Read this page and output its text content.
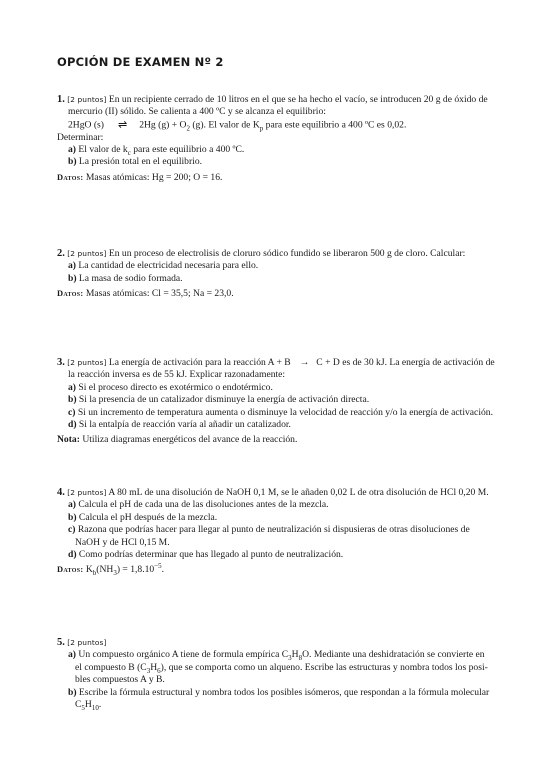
OPCIÓN DE EXAMEN Nº 2

1. [2 puntos] En un recipiente cerrado de 10 litros en el que se ha hecho el vacío, se introducen 20 g de óxido de

mercurio (II) sólido. Se calienta a 400 ºC y se alcanza el equilibrio:

2HgO (s) ⇌ 2Hg $(g) + O_2$ (g). El valor de $K_p$ para este equilibrio a 400 ºC es 0,02.

Determinar:

a) El valor de $k_c$ para este equilibrio a 400 ºC.

b) La presión total en el equilibrio.

Datos: Masas atómicas: Hg = 200; O = 16.

2. [2 puntos] En un proceso de electrolisis de cloruro sódico fundido se liberaron 500 g de cloro. Calcular:

a) La cantidad de electricidad necesaria para ello.

b) La masa de sodio formada.

Datos: Masas atómicas: Cl = 35,5; Na = 23,0.

3. [2 puntos] La energía de activación para la reacción A + B → C + D es de 30 kJ. La energía de activación de

la reacción inversa es de 55 kJ. Explicar razonadamente:

a) Si el proceso directo es exotérmico o endotérmico.

b) Si la presencia de un catalizador disminuye la energía de activación directa.

c) Si un incremento de temperatura aumenta o disminuye la velocidad de reacción y/o la energía de activación.

d) Si la entalpía de reacción varía al añadir un catalizador.

Nota: Utiliza diagramas energéticos del avance de la reacción.

4. [2 puntos] A 80 mL de una disolución de NaOH 0,1 M, se le añaden 0,02 L de otra disolución de HCl 0,20 M.

a) Calcula el pH de cada una de las disoluciones antes de la mezcla.

b) Calcula el pH después de la mezcla.

c) Razona que podrías hacer para llegar al punto de neutralización si dispusieras de otras disoluciones de

NaOH y de HCl 0,15 M.

d) Como podrías determinar que has llegado al punto de neutralización.

Datos: $K_b(NH_3) = 1,8.10^{-5}$.

5. [2 puntos]

a) Un compuesto orgánico A tiene de formula empírica $C_3H_8O$. Mediante una deshidratación se convierte en

el compuesto B $(C_3H_6)$, que se comporta como un alqueno. Escribe las estructuras y nombra todos los posi-

bles compuestos A y B.

b) Escribe la fórmula estructural y nombra todos los posibles isómeros, que respondan a la fórmula molecular

$C_5H_{10}$.
